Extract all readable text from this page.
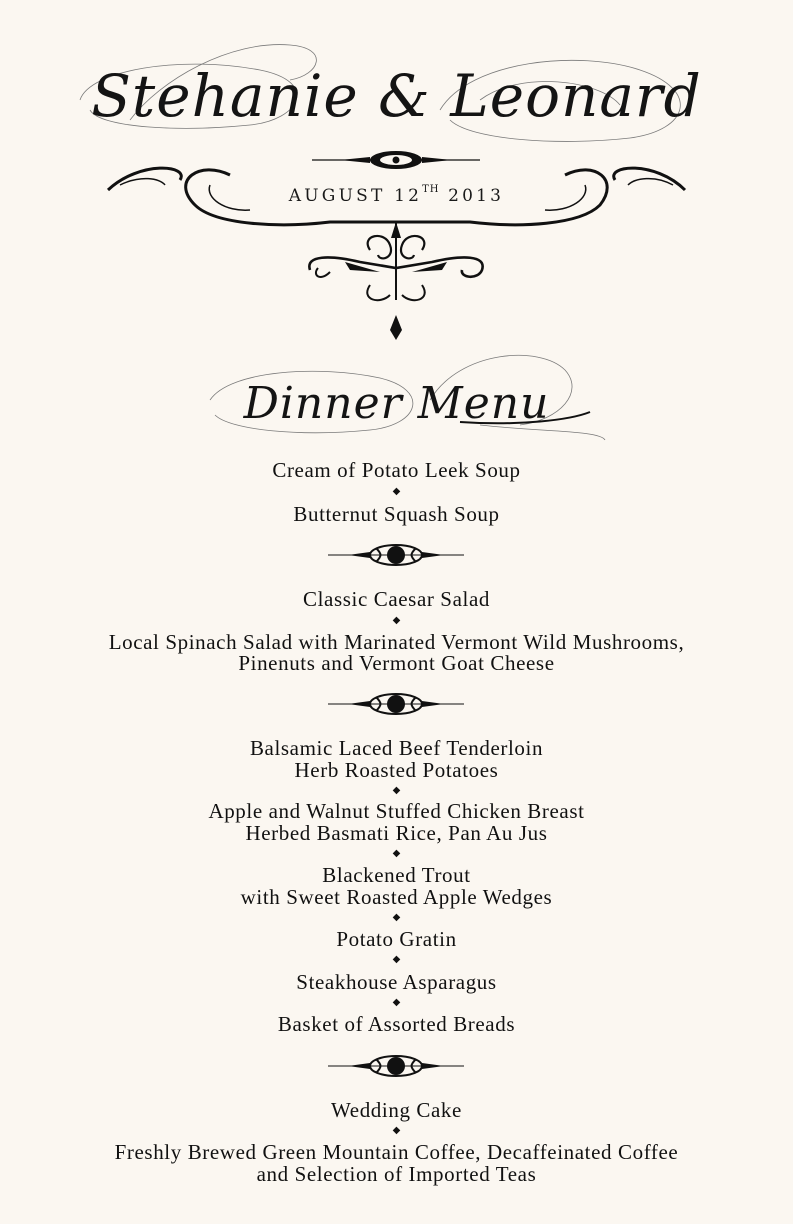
Stehanie & Leonard
AUGUST 12TH 2013
Dinner Menu
Cream of Potato Leek Soup
◆
Butternut Squash Soup
Classic Caesar Salad
◆
Local Spinach Salad with Marinated Vermont Wild Mushrooms,
Pinenuts and Vermont Goat Cheese
Balsamic Laced Beef Tenderloin
Herb Roasted Potatoes
◆
Apple and Walnut Stuffed Chicken Breast
Herbed Basmati Rice, Pan Au Jus
◆
Blackened Trout
with Sweet Roasted Apple Wedges
◆
Potato Gratin
◆
Steakhouse Asparagus
◆
Basket of Assorted Breads
Wedding Cake
◆
Freshly Brewed Green Mountain Coffee, Decaffeinated Coffee
and Selection of Imported Teas
